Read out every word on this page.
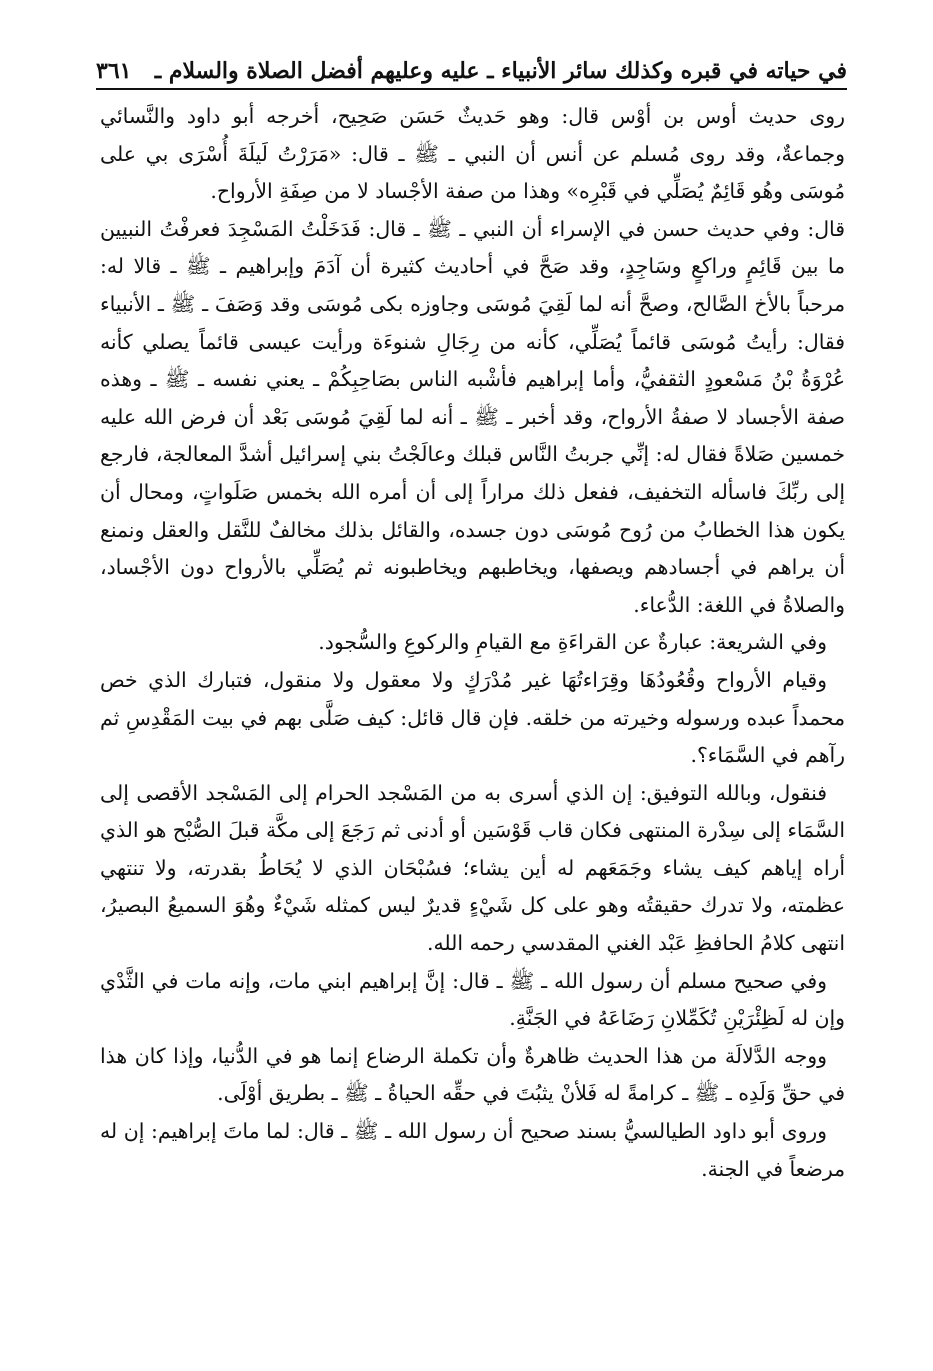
في حياته في قبره وكذلك سائر الأنبياء ـ عليه وعليهم أفضل الصلاة والسلام ـ
٣٦١

روى حديث أوس بن أوْس قال: وهو حَديثٌ حَسَن صَحِيح، أخرجه أبو داود والنَّسائي وجماعةٌ، وقد روى مُسلم عن أنس أن النبي ـ ﷺ ـ قال: «مَرَرْتُ لَيلَةَ أُسْرَى بي على مُوسَى وهُو قَائِمٌ يُصَلِّي في قَبْرِه» وهذا من صفة الأجْساد لا من صِفَةِ الأرواح.

قال: وفي حديث حسن في الإسراء أن النبي ـ ﷺ ـ قال: فَدَخَلْتُ المَسْجِدَ فعرفْتُ النبيين ما بين قَائِمٍ وراكعٍ وسَاجِدٍ، وقد صَحَّ في أحاديث كثيرة أن آدَمَ وإبراهيم ـ ﷺ ـ قالا له: مرحباً بالأخ الصَّالح، وصحَّ أنه لما لَقِيَ مُوسَى وجاوزه بكى مُوسَى وقد وَصَفَ ـ ﷺ ـ الأنبياء فقال: رأيتُ مُوسَى قائماً يُصَلِّي، كأنه من رِجَالِ شنوءَة ورأيت عيسى قائماً يصلي كأنه عُرْوَةُ بْنُ مَسْعودٍ الثقفيُّ، وأما إبراهيم فأشْبه الناس بصَاحِبِكُمْ ـ يعني نفسه ـ ﷺ ـ وهذه صفة الأجساد لا صفةُ الأرواح، وقد أخبر ـ ﷺ ـ أنه لما لَقِيَ مُوسَى بَعْد أن فرض الله عليه خمسين صَلاةً فقال له: إنِّي جربتُ النَّاس قبلك وعالَجْتُ بني إسرائيل أشدَّ المعالجة، فارجع إلى ربِّكَ فاسأله التخفيف، ففعل ذلك مراراً إلى أن أمره الله بخمس صَلَواتٍ، ومحال أن يكون هذا الخطابُ من رُوح مُوسَى دون جسده، والقائل بذلك مخالفٌ للنَّقل والعقل ونمنع أن يراهم في أجسادهم ويصفها، ويخاطبهم ويخاطبونه ثم يُصَلِّي بالأرواح دون الأجْساد، والصلاةُ في اللغة: الدُّعاء.

وفي الشريعة: عبارةٌ عن القراءَةِ مع القيامِ والركوعِ والسُّجود.

وقيام الأرواح وقُعُودُهَا وقِرَاءتُهَا غير مُدْرَكٍ ولا معقول ولا منقول، فتبارك الذي خص محمداً عبده ورسوله وخيرته من خلقه. فإن قال قائل: كيف صَلَّى بهم في بيت المَقْدِسِ ثم رآهم في السَّمَاء؟.

فنقول، وبالله التوفيق: إن الذي أسرى به من المَسْجد الحرام إلى المَسْجد الأقصى إلى السَّمَاء إلى سِدْرة المنتهى فكان قاب قَوْسَين أو أدنى ثم رَجَعَ إلى مكَّة قبلَ الصُّبْح هو الذي أراه إياهم كيف يشاء وجَمَعَهم له أين يشاء؛ فسُبْحَان الذي لا يُحَاطُ بقدرته، ولا تنتهي عظمته، ولا تدرك حقيقتُه وهو على كل شَيْءٍ قديرٌ ليس كمثله شَيْءٌ وهُوَ السميعُ البصيرُ، انتهى كلامُ الحافظِ عَبْد الغني المقدسي رحمه الله.

وفي صحيح مسلم أن رسول الله ـ ﷺ ـ قال: إنَّ إبراهيم ابني مات، وإنه مات في الثَّدْي وإن له لَظِئْرَيْنِ تُكَمِّلانِ رَضَاعَهُ في الجَنَّةِ.

ووجه الدَّلالَة من هذا الحديث ظاهرةٌ وأن تكملة الرضاع إنما هو في الدُّنيا، وإذا كان هذا في حقِّ وَلَدِه ـ ﷺ ـ كرامةً له فَلأنْ يثبُتَ في حقِّه الحياةُ ـ ﷺ ـ بطريق أوْلَى.

وروى أبو داود الطيالسيُّ بسند صحيح أن رسول الله ـ ﷺ ـ قال: لما ماتَ إبراهيم: إن له مرضعاً في الجنة.
